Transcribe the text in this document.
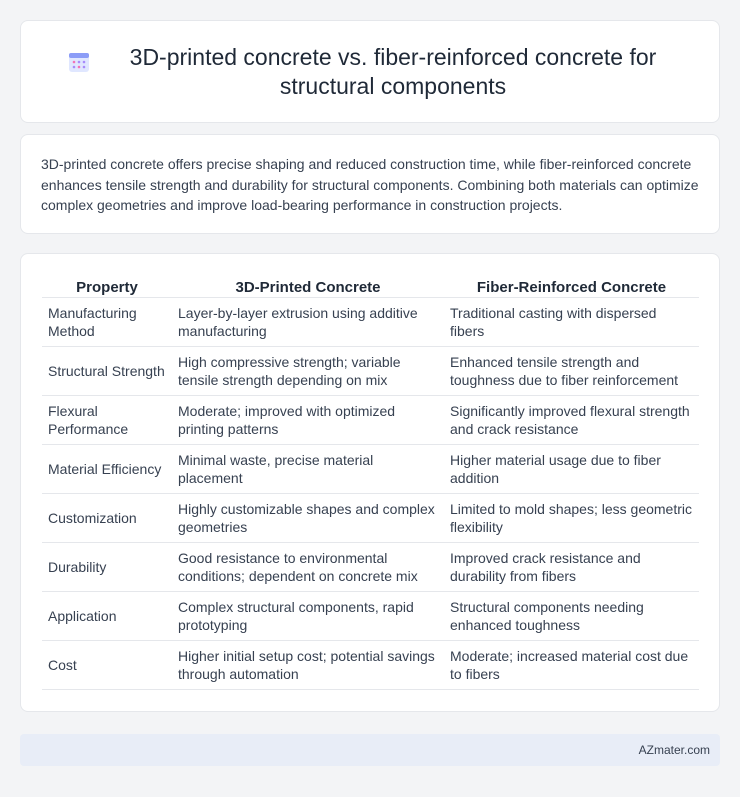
3D-printed concrete vs. fiber-reinforced concrete for structural components

3D-printed concrete offers precise shaping and reduced construction time, while fiber-reinforced concrete enhances tensile strength and durability for structural components. Combining both materials can optimize complex geometries and improve load-bearing performance in construction projects.

Property	3D-Printed Concrete	Fiber-Reinforced Concrete
Manufacturing Method	Layer-by-layer extrusion using additive manufacturing	Traditional casting with dispersed fibers
Structural Strength	High compressive strength; variable tensile strength depending on mix	Enhanced tensile strength and toughness due to fiber reinforcement
Flexural Performance	Moderate; improved with optimized printing patterns	Significantly improved flexural strength and crack resistance
Material Efficiency	Minimal waste, precise material placement	Higher material usage due to fiber addition
Customization	Highly customizable shapes and complex geometries	Limited to mold shapes; less geometric flexibility
Durability	Good resistance to environmental conditions; dependent on concrete mix	Improved crack resistance and durability from fibers
Application	Complex structural components, rapid prototyping	Structural components needing enhanced toughness
Cost	Higher initial setup cost; potential savings through automation	Moderate; increased material cost due to fibers
AZmater.com
